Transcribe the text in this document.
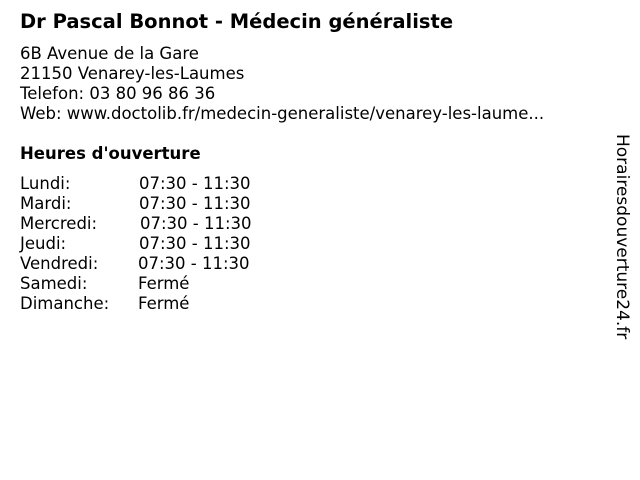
Dr Pascal Bonnot - Médecin généraliste
6B Avenue de la Gare
21150 Venarey-les-Laumes
Telefon: 03 80 96 86 36
Web: www.doctolib.fr/medecin-generaliste/venarey-les-laume...
Heures d'ouverture
Lundi:	07:30 - 11:30
Mardi:	07:30 - 11:30
Mercredi:	07:30 - 11:30
Jeudi:	07:30 - 11:30
Vendredi: 07:30 - 11:30
Samedi:	Fermé
Dimanche: Fermé	Horairesdouverture24.fr
